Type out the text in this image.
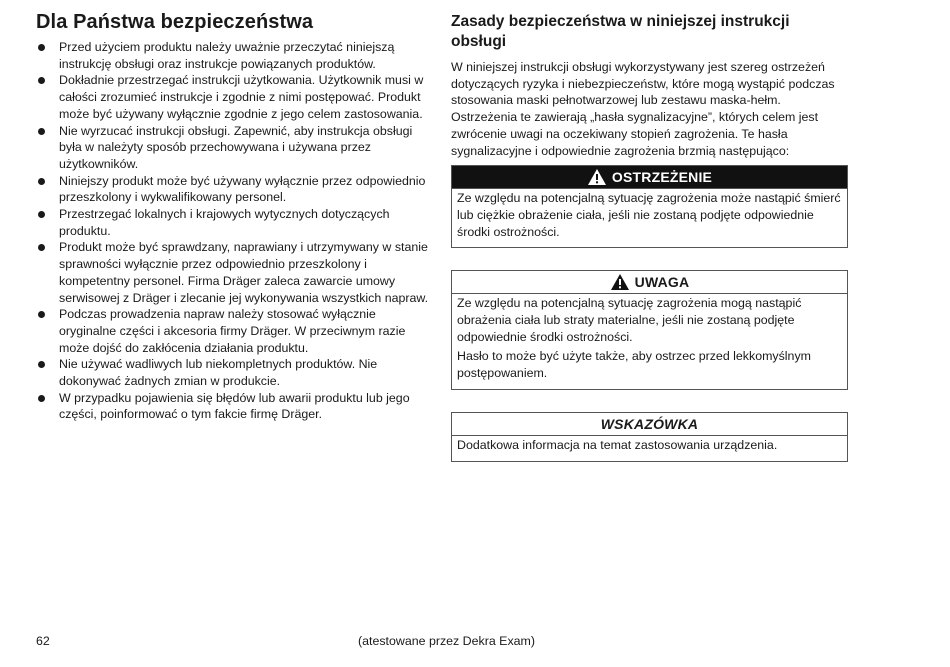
Dla Państwa bezpieczeństwa
Przed użyciem produktu należy uważnie przeczytać niniejszą instrukcję obsługi oraz instrukcje powiązanych produktów.
Dokładnie przestrzegać instrukcji użytkowania. Użytkownik musi w całości zrozumieć instrukcje i zgodnie z nimi postępować. Produkt może być używany wyłącznie zgodnie z jego celem zastosowania.
Nie wyrzucać instrukcji obsługi. Zapewnić, aby instrukcja obsługi była w należyty sposób przechowywana i używana przez użytkowników.
Niniejszy produkt może być używany wyłącznie przez odpowiednio przeszkolony i wykwalifikowany personel.
Przestrzegać lokalnych i krajowych wytycznych dotyczących produktu.
Produkt może być sprawdzany, naprawiany i utrzymywany w stanie sprawności wyłącznie przez odpowiednio przeszkolony i kompetentny personel. Firma Dräger zaleca zawarcie umowy serwisowej z Dräger i zlecanie jej wykonywania wszystkich napraw.
Podczas prowadzenia napraw należy stosować wyłącznie oryginalne części i akcesoria firmy Dräger. W przeciwnym razie może dojść do zakłócenia działania produktu.
Nie używać wadliwych lub niekompletnych produktów. Nie dokonywać żadnych zmian w produkcie.
W przypadku pojawienia się błędów lub awarii produktu lub jego części, poinformować o tym fakcie firmę Dräger.
Zasady bezpieczeństwa w niniejszej instrukcji obsługi

W niniejszej instrukcji obsługi wykorzystywany jest szereg ostrzeżeń dotyczących ryzyka i niebezpieczeństw, które mogą wystąpić podczas stosowania maski pełnotwarzowej lub zestawu maska-hełm. Ostrzeżenia te zawierają „hasła sygnalizacyjne”, których celem jest zwrócenie uwagi na oczekiwany stopień zagrożenia. Te hasła sygnalizacyjne i odpowiednie zagrożenia brzmią następująco:

OSTRZEŻENIE

Ze względu na potencjalną sytuację zagrożenia może nastąpić śmierć lub ciężkie obrażenie ciała, jeśli nie zostaną podjęte odpowiednie środki ostrożności.

UWAGA

Ze względu na potencjalną sytuację zagrożenia mogą nastąpić obrażenia ciała lub straty materialne, jeśli nie zostaną podjęte odpowiednie środki ostrożności.

Hasło to może być użyte także, aby ostrzec przed lekkomyślnym postępowaniem.

WSKAZÓWKA

Dodatkowa informacja na temat zastosowania urządzenia.

62	(atestowane przez Dekra Exam)
